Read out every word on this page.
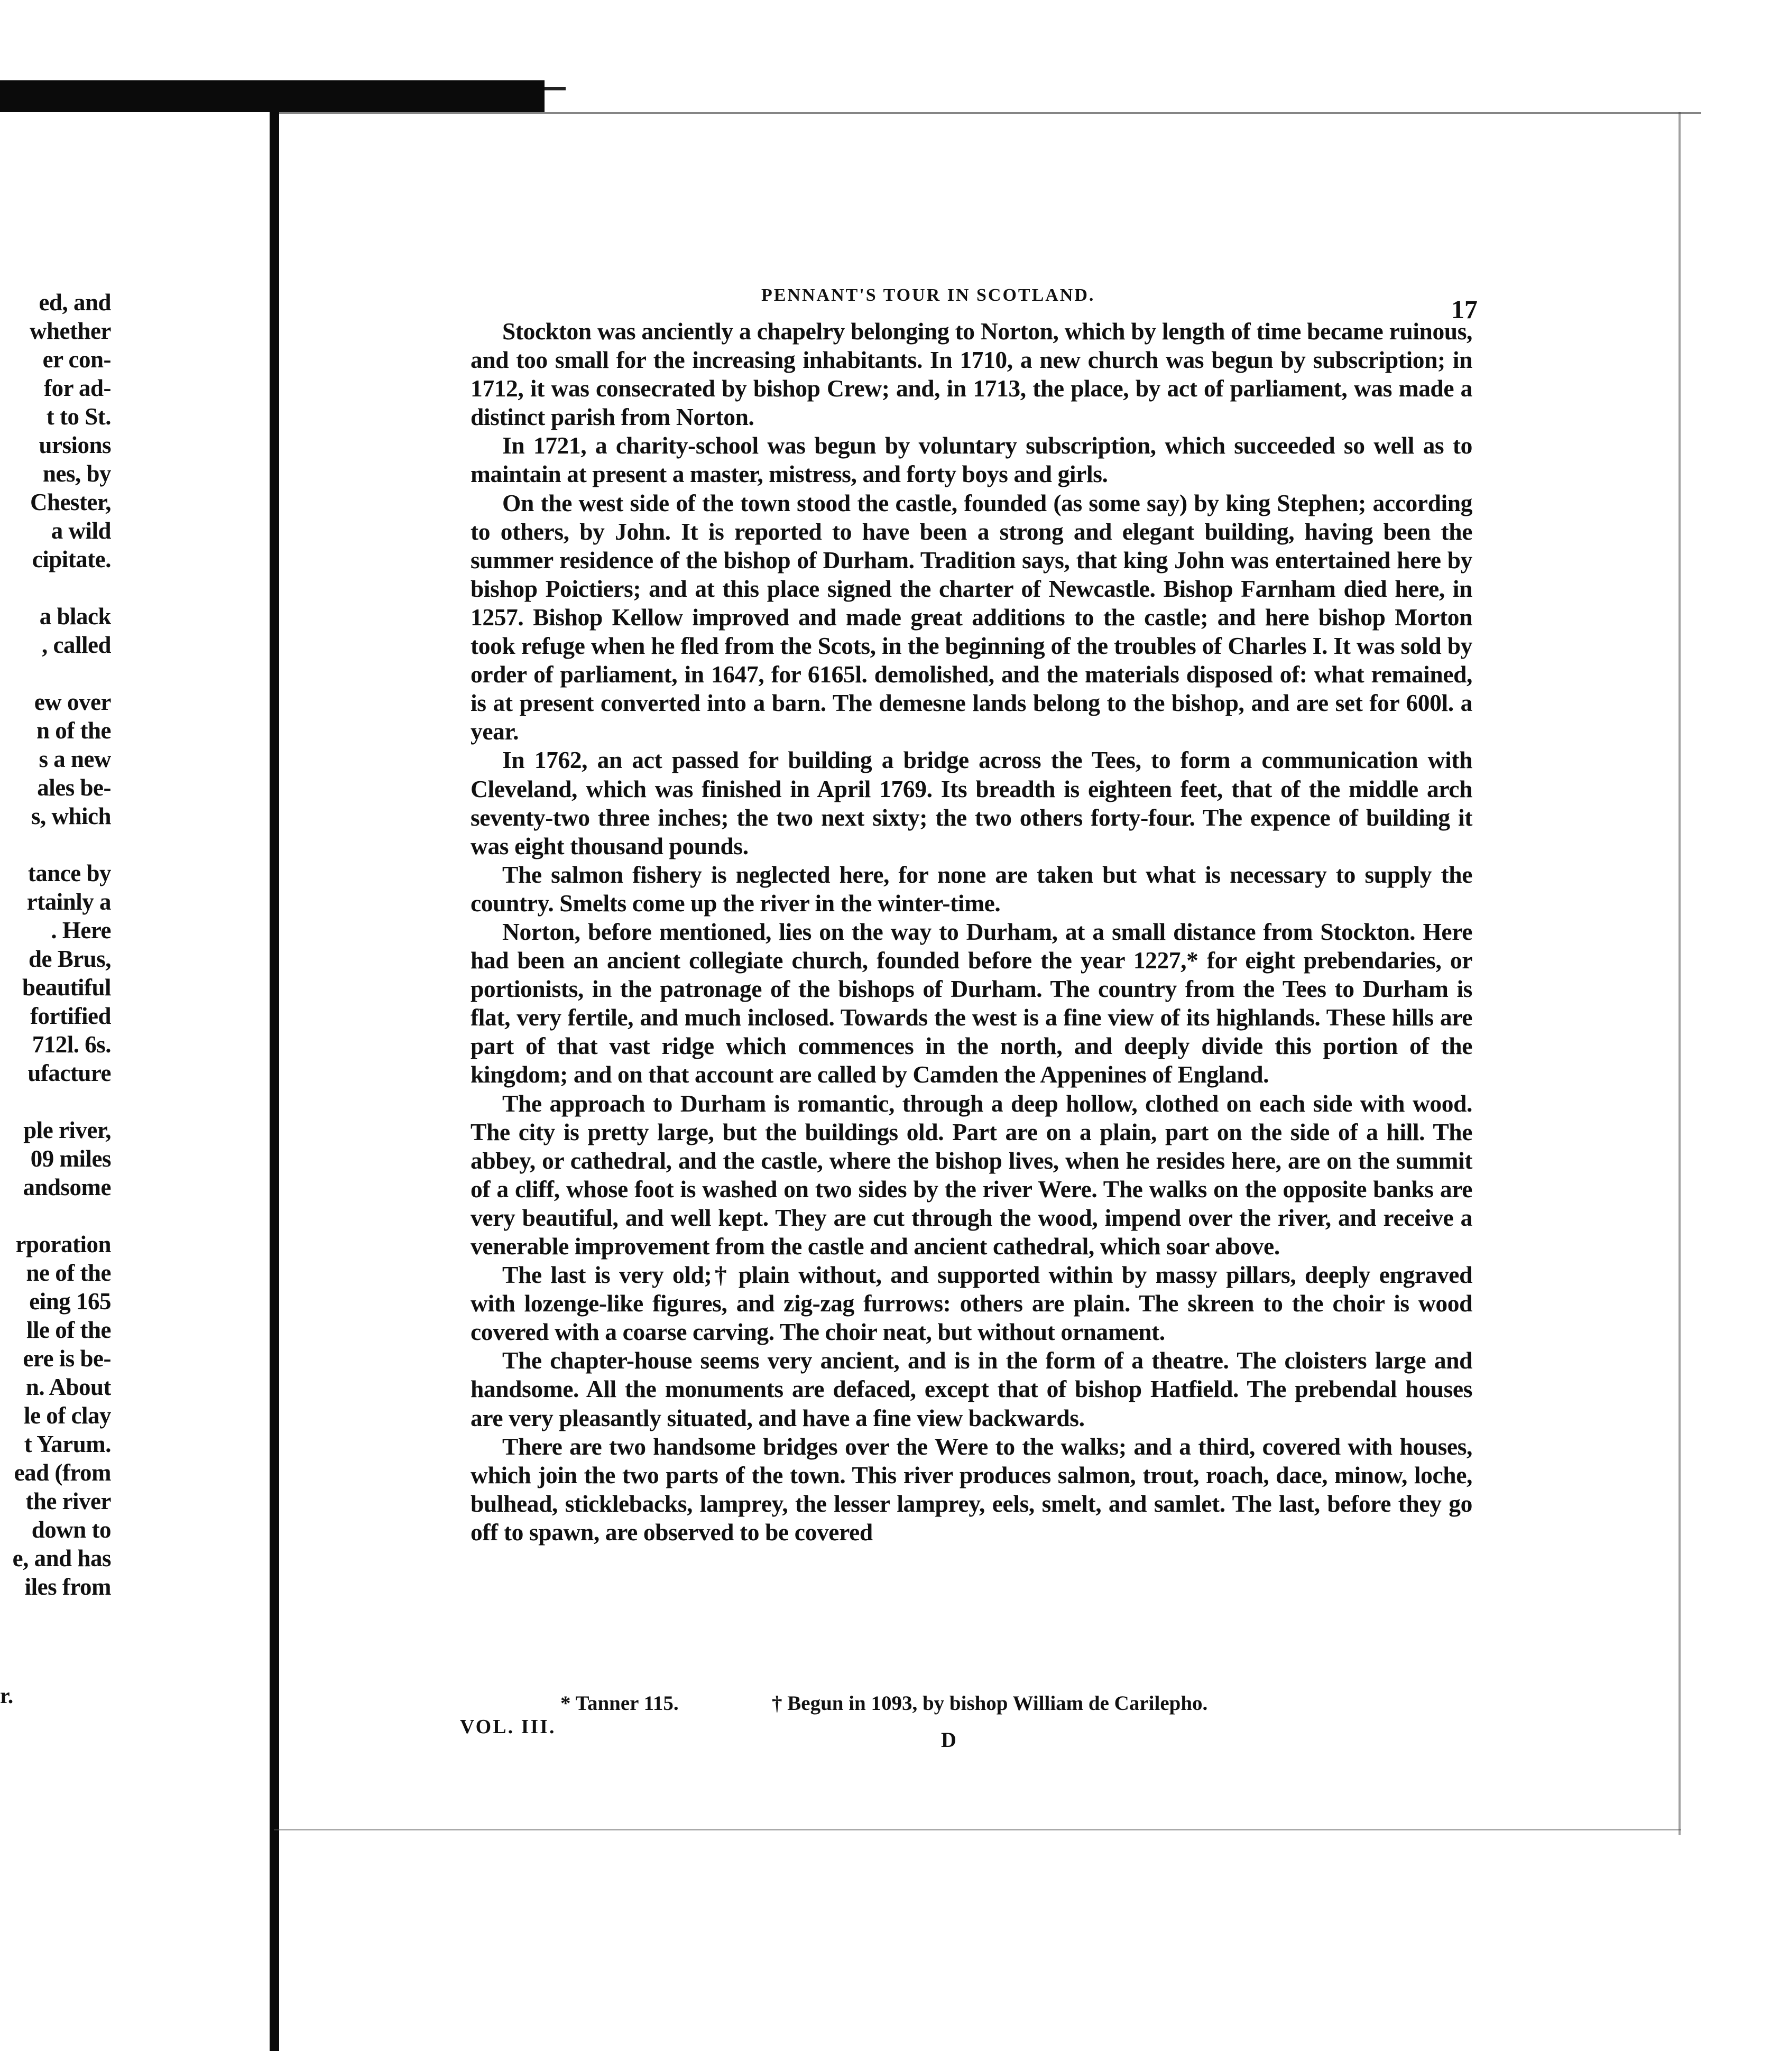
ed, and
whether
er con-
for ad-
t to St.
ursions
nes, by
Chester,
a wild
cipitate.
a black
, called
ew over
n of the
s a new
ales be-
s, which
tance by
rtainly a
. Here
de Brus,
beautiful
fortified
712l. 6s.
ufacture
ple river,
09 miles
andsome
rporation
ne of the
eing 165
lle of the
ere is be-
n. About
le of clay
t Yarum.
ead (from
the river
down to
e, and has
iles from
r.
PENNANT'S TOUR IN SCOTLAND.	17

Stockton was anciently a chapelry belonging to Norton, which by length of time became ruinous, and too small for the increasing inhabitants. In 1710, a new church was begun by subscription; in 1712, it was consecrated by bishop Crew; and, in 1713, the place, by act of parliament, was made a distinct parish from Norton.

In 1721, a charity-school was begun by voluntary subscription, which succeeded so well as to maintain at present a master, mistress, and forty boys and girls.

On the west side of the town stood the castle, founded (as some say) by king Stephen; according to others, by John. It is reported to have been a strong and elegant building, having been the summer residence of the bishop of Durham. Tradition says, that king John was entertained here by bishop Poictiers; and at this place signed the charter of Newcastle. Bishop Farnham died here, in 1257. Bishop Kellow improved and made great additions to the castle; and here bishop Morton took refuge when he fled from the Scots, in the beginning of the troubles of Charles I. It was sold by order of parliament, in 1647, for 6165l. demolished, and the materials disposed of: what remained, is at present converted into a barn. The demesne lands belong to the bishop, and are set for 600l. a year.

In 1762, an act passed for building a bridge across the Tees, to form a communication with Cleveland, which was finished in April 1769. Its breadth is eighteen feet, that of the middle arch seventy-two three inches; the two next sixty; the two others forty-four. The expence of building it was eight thousand pounds.

The salmon fishery is neglected here, for none are taken but what is necessary to supply the country. Smelts come up the river in the winter-time.

Norton, before mentioned, lies on the way to Durham, at a small distance from Stockton. Here had been an ancient collegiate church, founded before the year 1227,* for eight prebendaries, or portionists, in the patronage of the bishops of Durham. The country from the Tees to Durham is flat, very fertile, and much inclosed. Towards the west is a fine view of its highlands. These hills are part of that vast ridge which commences in the north, and deeply divide this portion of the kingdom; and on that account are called by Camden the Appenines of England.

The approach to Durham is romantic, through a deep hollow, clothed on each side with wood. The city is pretty large, but the buildings old. Part are on a plain, part on the side of a hill. The abbey, or cathedral, and the castle, where the bishop lives, when he resides here, are on the summit of a cliff, whose foot is washed on two sides by the river Were. The walks on the opposite banks are very beautiful, and well kept. They are cut through the wood, impend over the river, and receive a venerable improvement from the castle and ancient cathedral, which soar above.

The last is very old;† plain without, and supported within by massy pillars, deeply engraved with lozenge-like figures, and zig-zag furrows: others are plain. The skreen to the choir is wood covered with a coarse carving. The choir neat, but without ornament.

The chapter-house seems very ancient, and is in the form of a theatre. The cloisters large and handsome. All the monuments are defaced, except that of bishop Hatfield. The prebendal houses are very pleasantly situated, and have a fine view backwards.

There are two handsome bridges over the Were to the walks; and a third, covered with houses, which join the two parts of the town. This river produces salmon, trout, roach, dace, minow, loche, bulhead, sticklebacks, lamprey, the lesser lamprey, eels, smelt, and samlet. The last, before they go off to spawn, are observed to be covered

* Tanner 115.	† Begun in 1093, by bishop William de Carilepho.
VOL. III.
D
